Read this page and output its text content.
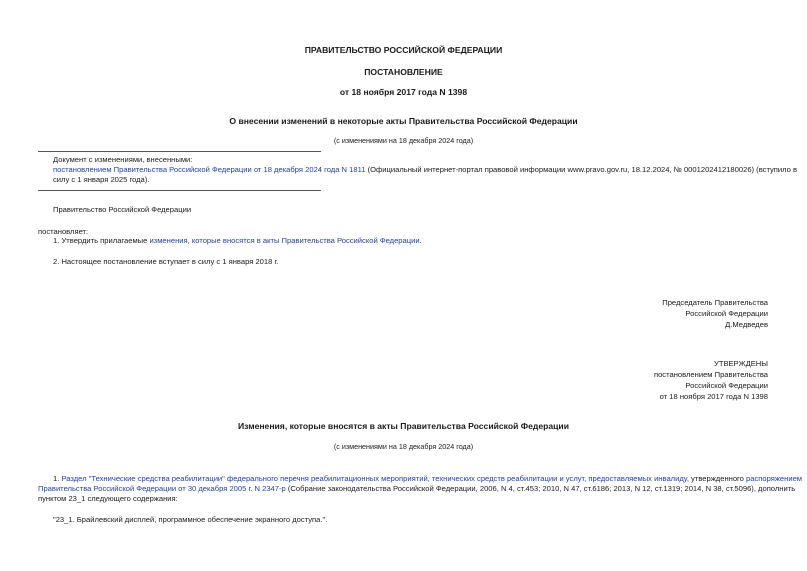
ПРАВИТЕЛЬСТВО РОССИЙСКОЙ ФЕДЕРАЦИИ
ПОСТАНОВЛЕНИЕ
от 18 ноября 2017 года N 1398
О внесении изменений в некоторые акты Правительства Российской Федерации
(с изменениями на 18 декабря 2024 года)
Документ с изменениями, внесенными:
постановлением Правительства Российской Федерации от 18 декабря 2024 года N 1811 (Официальный интернет-портал правовой информации www.pravo.gov.ru, 18.12.2024, № 0001202412180026) (вступило в
силу с 1 января 2025 года).
Правительство Российской Федерации
постановляет:
1. Утвердить прилагаемые изменения, которые вносятся в акты Правительства Российской Федерации.
2. Настоящее постановление вступает в силу с 1 января 2018 г.
Председатель Правительства
Российской Федерации
Д.Медведев
УТВЕРЖДЕНЫ
постановлением Правительства
Российской Федерации
от 18 ноября 2017 года N 1398
Изменения, которые вносятся в акты Правительства Российской Федерации
(с изменениями на 18 декабря 2024 года)
1. Раздел "Технические средства реабилитации" федерального перечня реабилитационных мероприятий, технических средств реабилитации и услут, предоставляемых инвалиду, утвержденного распоряжением
Правительства Российской Федерации от 30 декабря 2005 г. N 2347-р (Собрание законодательства Российской Федерации, 2006, N 4, ст.453; 2010, N 47, ст.6186; 2013, N 12, ст.1319; 2014, N 38, ст.5096), дополнить
пунктом 23_1 следующего содержания:
"23_1. Брайлевский дисплей, программное обеспечение экранного доступа.".
